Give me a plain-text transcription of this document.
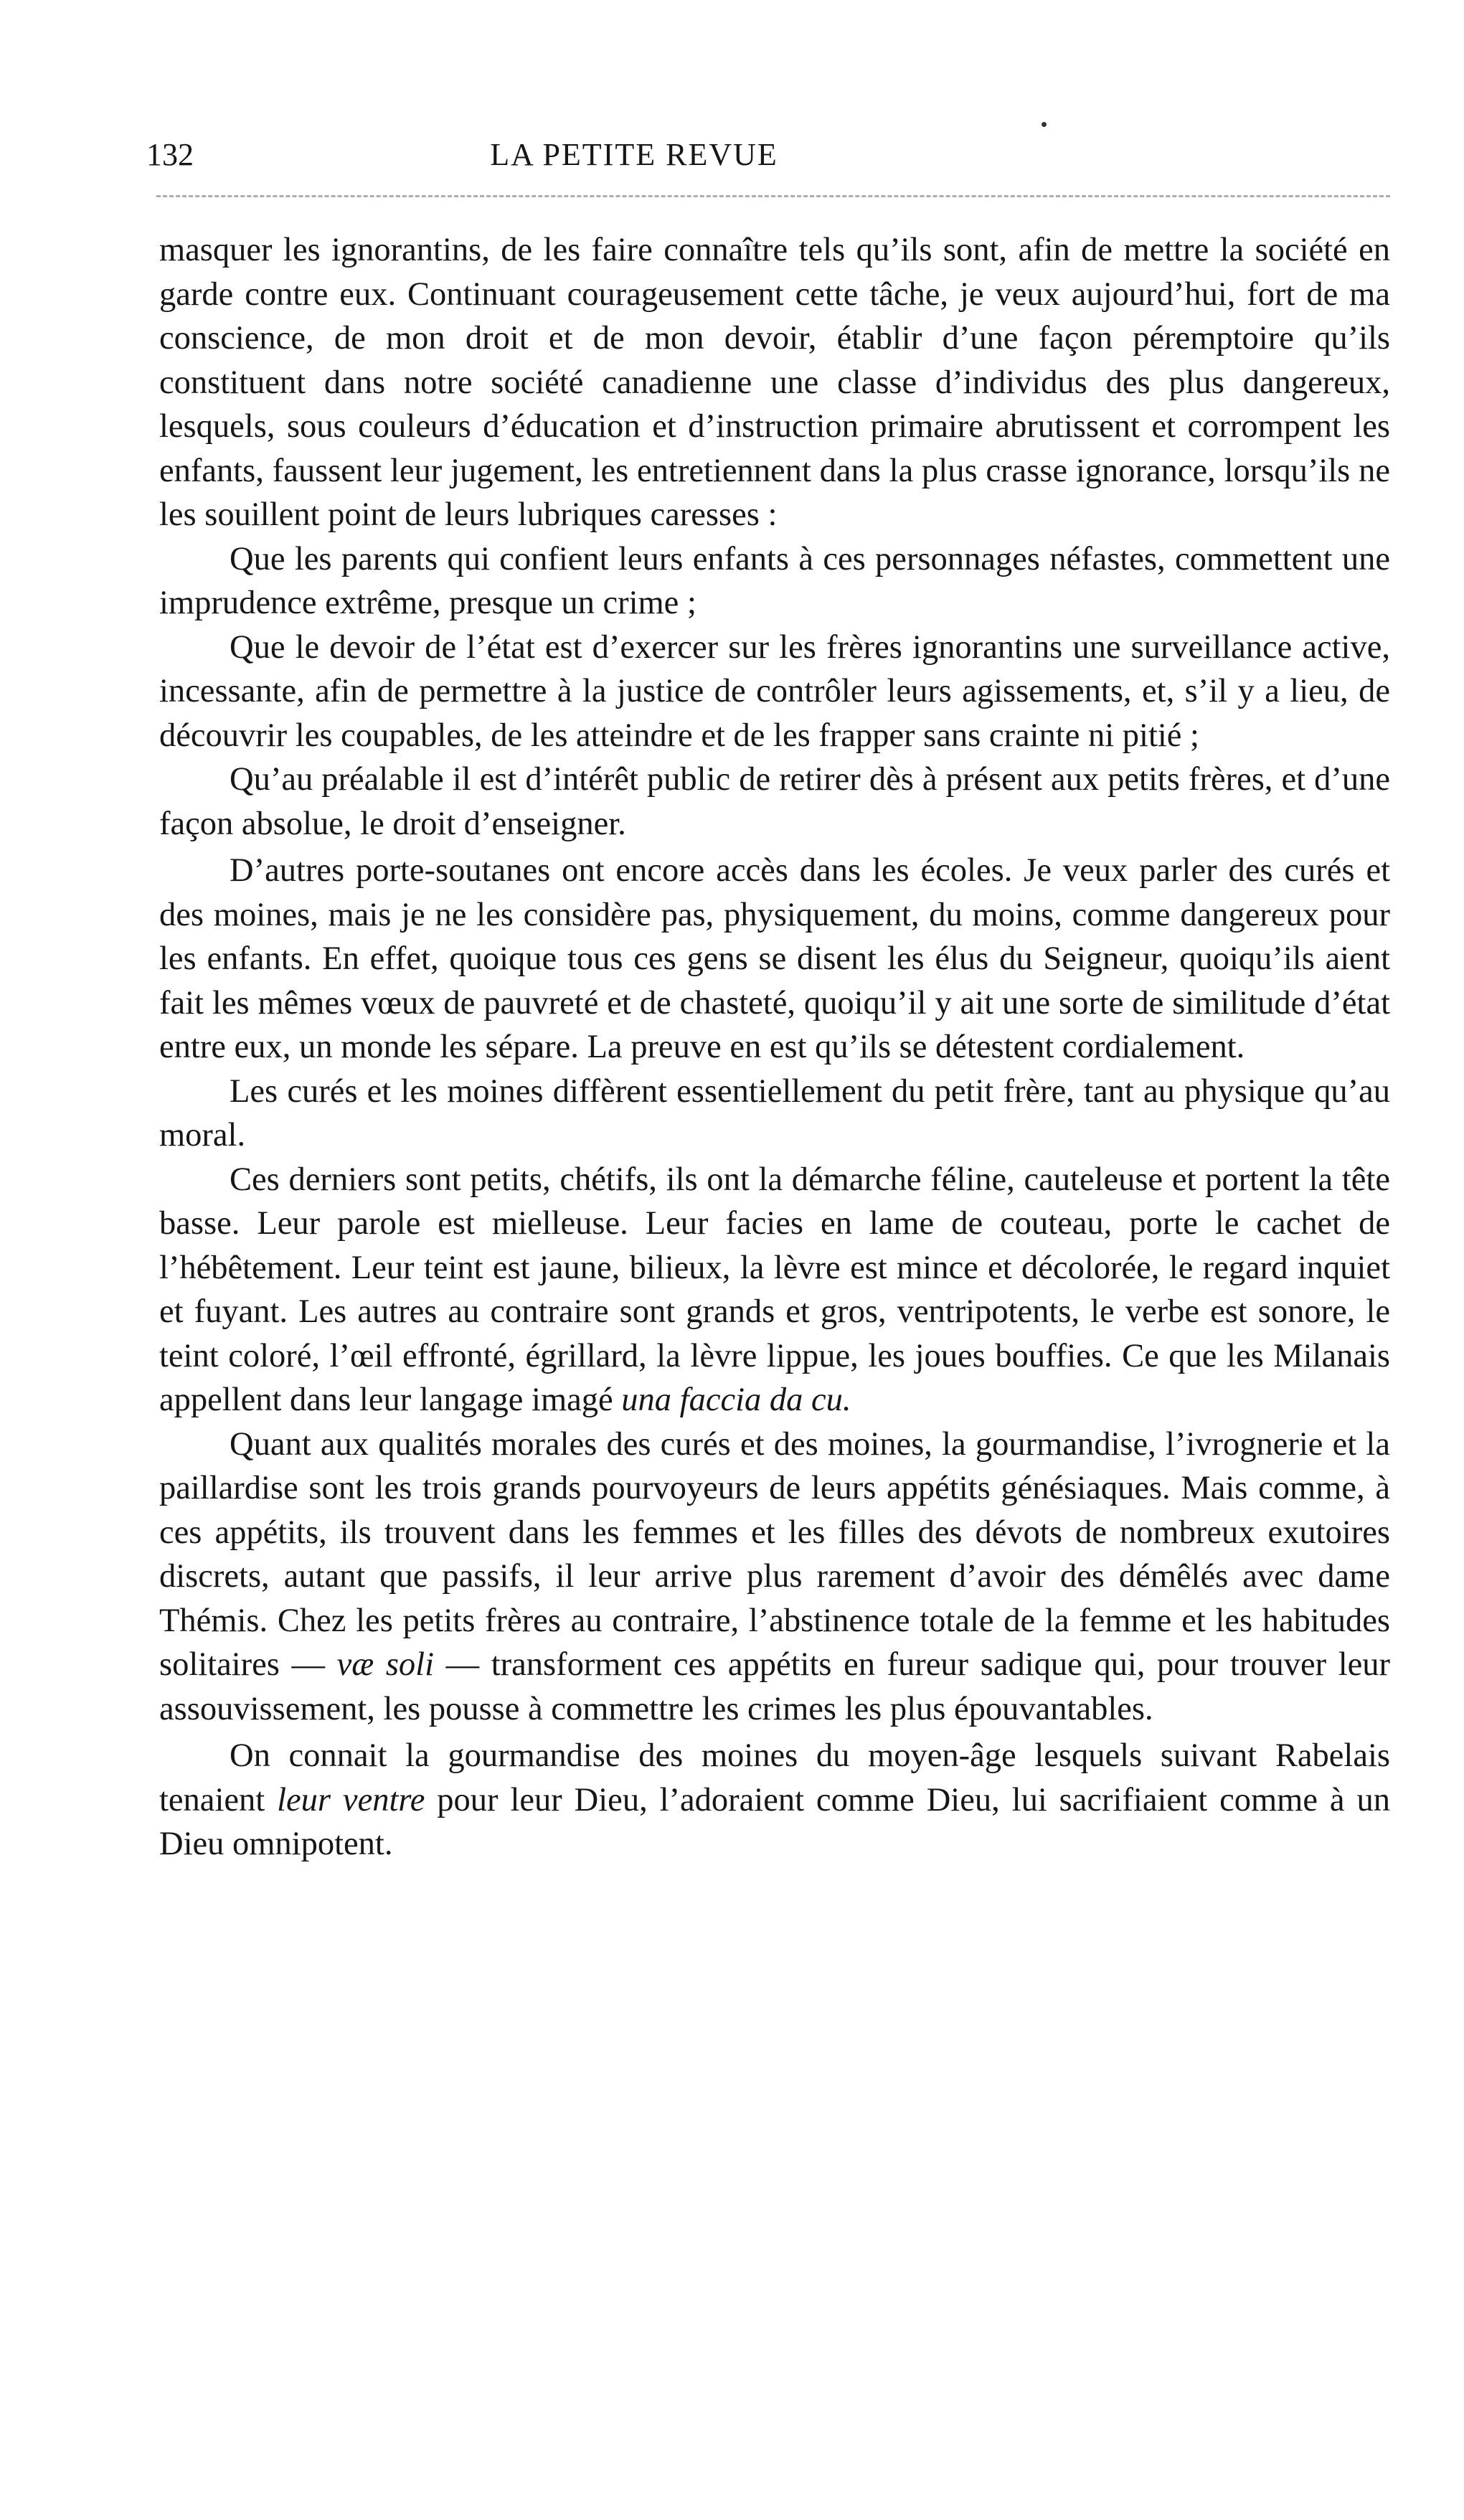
132	LA PETITE REVUE

masquer les ignorantins, de les faire connaître tels qu’ils sont, afin de mettre la société en garde contre eux. Continuant courageusement cette tâche, je veux aujourd’hui, fort de ma conscience, de mon droit et de mon devoir, établir d’une façon péremptoire qu’ils constituent dans notre société canadienne une classe d’individus des plus dangereux, lesquels, sous couleurs d’éducation et d’instruction primaire abrutissent et corrompent les enfants, faussent leur jugement, les entretiennent dans la plus crasse ignorance, lorsqu’ils ne les souillent point de leurs lubriques caresses :

Que les parents qui confient leurs enfants à ces personnages néfastes, commettent une imprudence extrême, presque un crime ;

Que le devoir de l’état est d’exercer sur les frères ignorantins une surveillance active, incessante, afin de permettre à la justice de contrôler leurs agissements, et, s’il y a lieu, de découvrir les coupables, de les atteindre et de les frapper sans crainte ni pitié ;

Qu’au préalable il est d’intérêt public de retirer dès à présent aux petits frères, et d’une façon absolue, le droit d’enseigner.

D’autres porte-soutanes ont encore accès dans les écoles. Je veux parler des curés et des moines, mais je ne les considère pas, physiquement, du moins, comme dangereux pour les enfants. En effet, quoique tous ces gens se disent les élus du Seigneur, quoiqu’ils aient fait les mêmes vœux de pauvreté et de chasteté, quoiqu’il y ait une sorte de similitude d’état entre eux, un monde les sépare. La preuve en est qu’ils se détestent cordialement.

Les curés et les moines diffèrent essentiellement du petit frère, tant au physique qu’au moral.

Ces derniers sont petits, chétifs, ils ont la démarche féline, cauteleuse et portent la tête basse. Leur parole est mielleuse. Leur facies en lame de couteau, porte le cachet de l’hébêtement. Leur teint est jaune, bilieux, la lèvre est mince et décolorée, le regard inquiet et fuyant. Les autres au contraire sont grands et gros, ventripotents, le verbe est sonore, le teint coloré, l’œil effronté, égrillard, la lèvre lippue, les joues bouffies. Ce que les Milanais appellent dans leur langage imagé una faccia da cu.

Quant aux qualités morales des curés et des moines, la gourmandise, l’ivrognerie et la paillardise sont les trois grands pourvoyeurs de leurs appétits génésiaques. Mais comme, à ces appétits, ils trouvent dans les femmes et les filles des dévots de nombreux exutoires discrets, autant que passifs, il leur arrive plus rarement d’avoir des démêlés avec dame Thémis. Chez les petits frères au contraire, l’abstinence totale de la femme et les habitudes solitaires — væ soli — transforment ces appétits en fureur sadique qui, pour trouver leur assouvissement, les pousse à commettre les crimes les plus épouvantables.

On connait la gourmandise des moines du moyen-âge lesquels suivant Rabelais tenaient leur ventre pour leur Dieu, l’adoraient comme Dieu, lui sacrifiaient comme à un Dieu omnipotent.
